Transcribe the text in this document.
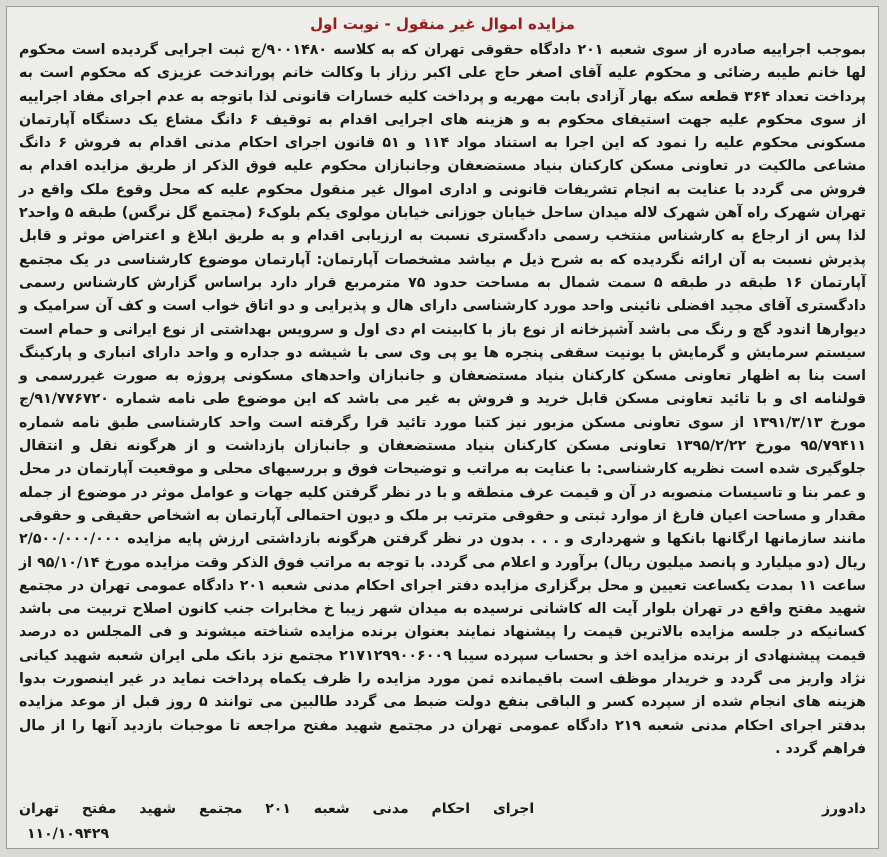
مزایده اموال غیر منقول - نوبت اول
بموجب اجراییه صادره از سوی شعبه ۲۰۱ دادگاه حقوقی تهران که به کلاسه ۹۰۰۱۴۸۰/ج ثبت اجرایی گردیده است محکوم لها خانم طیبه رضائی و محکوم علیه آقای اصغر حاج علی اکبر رزاز با وکالت خانم پوراندخت عزیزی که محکوم است به پرداخت تعداد ۳۶۴ قطعه سکه بهار آزادی بابت مهریه و پرداخت کلیه خسارات قانونی لذا باتوجه به عدم اجرای مفاد اجراییه از سوی محکوم علیه جهت استیفای محکوم به و هزینه های اجرایی اقدام به توقیف ۶ دانگ مشاع یک دستگاه آپارتمان مسکونی محکوم علیه را نمود که این اجرا به استناد مواد ۱۱۴ و ۵۱ قانون اجرای احکام مدنی اقدام به فروش ۶ دانگ مشاعی مالکیت در تعاونی مسکن کارکنان بنیاد مستضعفان وجانبازان محکوم علیه فوق الذکر از طریق مزایده اقدام به فروش می گردد با عنایت به انجام تشریفات قانونی و اداری اموال غیر منقول محکوم علیه که محل وقوع ملک واقع در تهران شهرک راه آهن شهرک لاله میدان ساحل خیابان جوزانی خیابان مولوی یکم بلوک۶ (مجتمع گل نرگس) طبقه ۵ واحد۲ لذا پس از ارجاع به کارشناس منتخب رسمی دادگستری نسبت به ارزیابی اقدام و به طریق ابلاغ و اعتراض موثر و قابل پذیرش نسبت به آن ارائه نگردیده که به شرح ذیل م بیاشد مشخصات آپارتمان: آپارتمان موضوع کارشناسی در یک مجتمع آپارتمان ۱۶ طبقه در طبقه ۵ سمت شمال به مساحت حدود ۷۵ مترمربع قرار دارد براساس گزارش کارشناس رسمی دادگستری آقای مجید افضلی نائینی واحد مورد کارشناسی دارای هال و پذیرایی و دو اتاق خواب است و کف آن سرامیک و دیوارها اندود گچ و رنگ می باشد آشپزخانه از نوع باز با کابینت ام دی اول و سرویس بهداشتی از نوع ایرانی و حمام است سیستم سرمایش و گرمایش با یونیت سقفی پنجره ها یو پی وی سی با شیشه دو جداره و واحد دارای انباری و پارکینگ است بنا به اظهار تعاونی مسکن کارکنان بنیاد مستضعفان و جانبازان واحدهای مسکونی پروژه به صورت غیررسمی و قولنامه ای و با تائید تعاونی مسکن قابل خرید و فروش به غیر می باشد که این موضوع طی نامه شماره ۹۱/۷۷۶۷۲۰/ج مورخ ۱۳۹۱/۳/۱۳ از سوی تعاونی مسکن مزبور نیز کتبا مورد تائید قرا رگرفته است واحد کارشناسی طبق نامه شماره ۹۵/۷۹۴۱۱ مورخ ۱۳۹۵/۲/۲۲ تعاونی مسکن کارکنان بنیاد مستضعفان و جانبازان بازداشت و از هرگونه نقل و انتقال جلوگیری شده است نظریه کارشناسی: با عنایت به مراتب و توضیحات فوق و بررسیهای محلی و موقعیت آپارتمان در محل و عمر بنا و تاسیسات منصوبه در آن و قیمت عرف منطقه و با در نظر گرفتن کلیه جهات و عوامل موثر در موضوع از جمله مقدار و مساحت اعیان فارغ از موارد ثبتی و حقوقی مترتب بر ملک و دیون احتمالی آپارتمان به اشخاص حقیقی و حقوقی مانند سازمانها ارگانها بانکها و شهرداری و . . . بدون در نظر گرفتن هرگونه بازداشتی ارزش پایه مزایده ۲/۵۰۰/۰۰۰/۰۰۰ ریال (دو میلیارد و پانصد میلیون ریال) برآورد و اعلام می گردد. با توجه به مراتب فوق الذکر وقت مزایده مورخ ۹۵/۱۰/۱۴ از ساعت ۱۱ بمدت یکساعت تعیین و محل برگزاری مزایده دفتر اجرای احکام مدنی شعبه ۲۰۱ دادگاه عمومی تهران در مجتمع شهید مفتح واقع در تهران بلوار آیت اله کاشانی نرسیده به میدان شهر زیبا خ مخابرات جنب کانون اصلاح تربیت می باشد کسانیکه در جلسه مزایده بالاترین قیمت را پیشنهاد نمایند بعنوان برنده مزایده شناخته میشوند و فی المجلس ده درصد قیمت پیشنهادی از برنده مزایده اخذ و بحساب سپرده سیبا ۲۱۷۱۲۹۹۰۰۶۰۰۹ مجتمع نزد بانک ملی ایران شعبه شهید کیانی نژاد واریز می گردد و خریدار موظف است باقیمانده ثمن مورد مزایده را ظرف یکماه پرداخت نماید در غیر اینصورت بدوا هزینه های انجام شده از سپرده کسر و الباقی بنفع دولت ضبط می گردد طالبین می توانند ۵ روز قبل از موعد مزایده بدفتر اجرای احکام مدنی شعبه ۲۱۹ دادگاه عمومی تهران در مجتمع شهید مفتح مراجعه تا موجبات بازدید آنها را از مال فراهم گردد .
دادورز
اجرای احکام مدنی شعبه ۲۰۱ مجتمع شهید مفتح تهران
۱۱۰/۱۰۹۴۲۹
